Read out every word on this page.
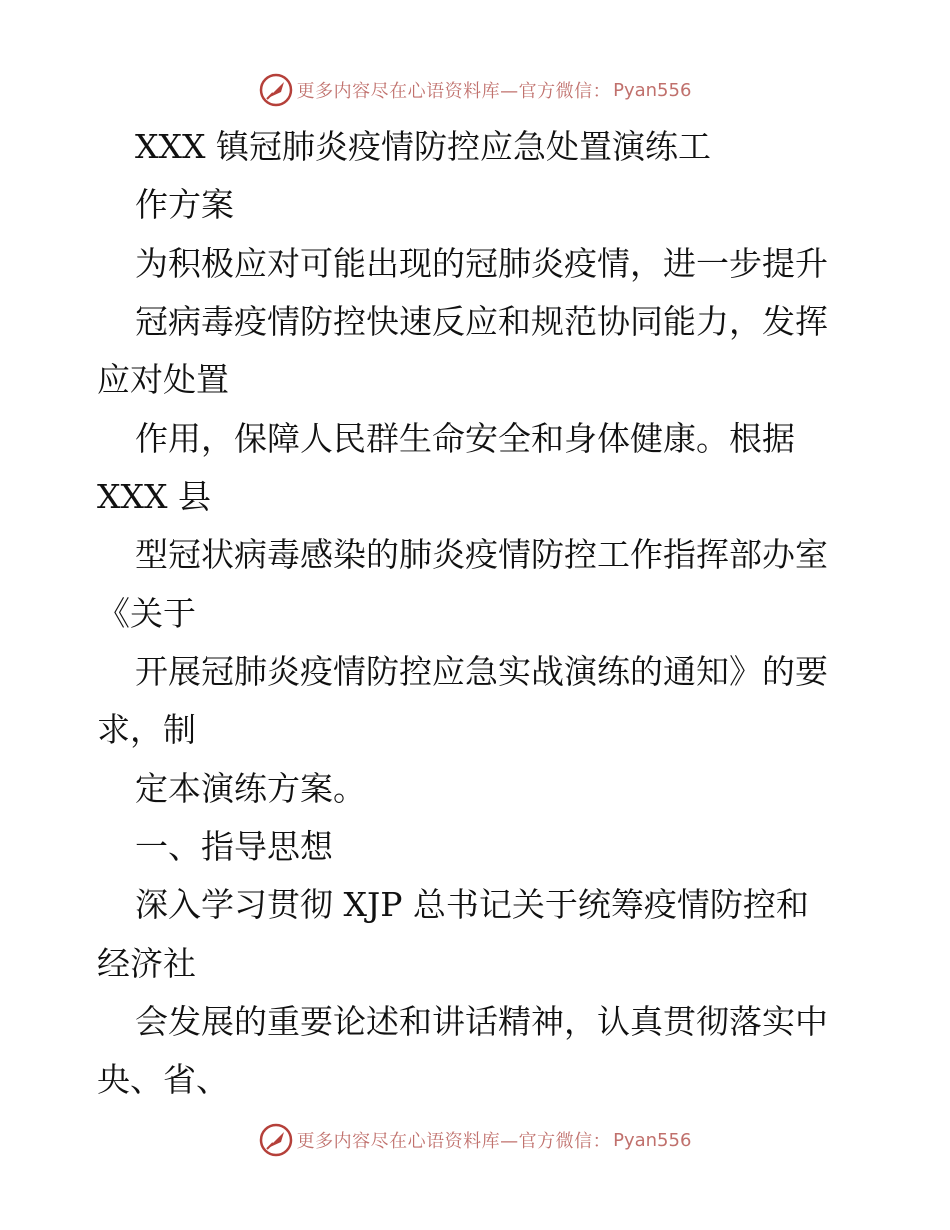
更多内容尽在心语资料库—官方微信： Pyan556
XXX 镇冠肺炎疫情防控应急处置演练工
作方案
为积极应对可能出现的冠肺炎疫情，进一步提升
冠病毒疫情防控快速反应和规范协同能力，发挥
应对处置
作用，保障人民群生命安全和身体健康。根据
XXX 县
型冠状病毒感染的肺炎疫情防控工作指挥部办室
《关于
开展冠肺炎疫情防控应急实战演练的通知》的要
求，制
定本演练方案。
一、指导思想
深入学习贯彻 XJP 总书记关于统筹疫情防控和
经济社
会发展的重要论述和讲话精神，认真贯彻落实中
央、省、
更多内容尽在心语资料库—官方微信： Pyan556
